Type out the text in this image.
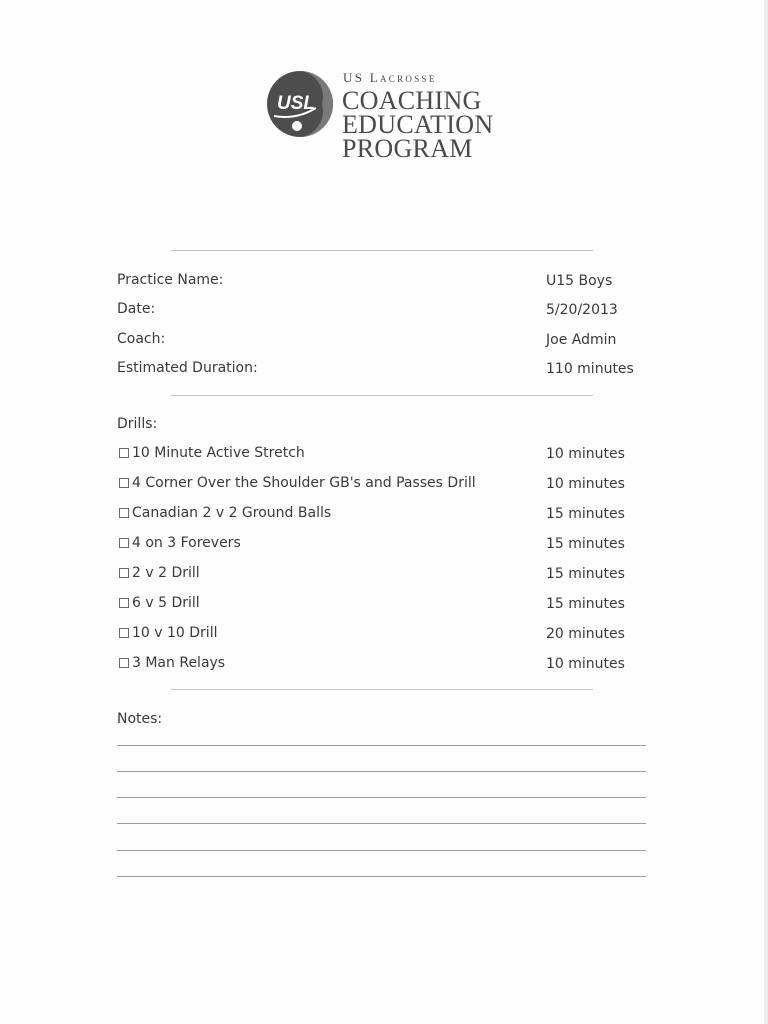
USL
US Lacrosse
COACHING
EDUCATION
PROGRAM
Practice Name:	U15 Boys
Date:	5/20/2013
Coach:	Joe Admin
Estimated Duration:	110 minutes
Drills:
10 Minute Active Stretch	10 minutes
4 Corner Over the Shoulder GB's and Passes Drill	10 minutes
Canadian 2 v 2 Ground Balls	15 minutes
4 on 3 Forevers	15 minutes
2 v 2 Drill	15 minutes
6 v 5 Drill	15 minutes
10 v 10 Drill	20 minutes
3 Man Relays	10 minutes
Notes:
